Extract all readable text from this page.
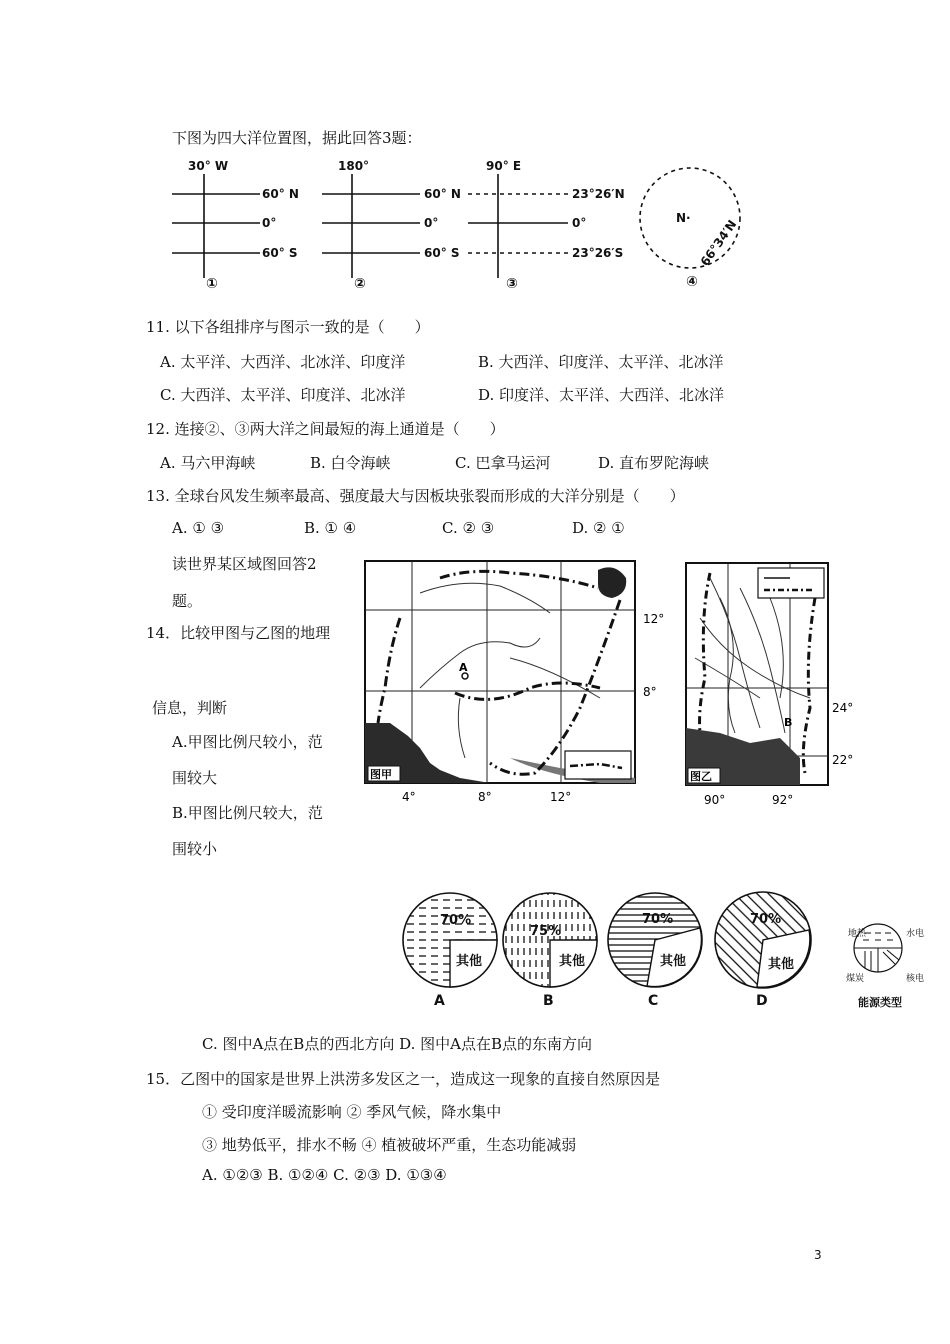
下图为四大洋位置图，据此回答3题：
30° W
60° N
0°
60° S
①
180°
60° N
0°
60° S
②
90° E
23°26′N
0°
23°26′S
③
N· 66°34′N
④
11. 以下各组排序与图示一致的是（　　）
A. 太平洋、大西洋、北冰洋、印度洋	B. 大西洋、印度洋、太平洋、北冰洋
C. 大西洋、太平洋、印度洋、北冰洋	D. 印度洋、太平洋、大西洋、北冰洋
12. 连接②、③两大洋之间最短的海上通道是（　　）
A. 马六甲海峡	B. 白令海峡	C. 巴拿马运河	D. 直布罗陀海峡
13. 全球台风发生频率最高、强度最大与因板块张裂而形成的大洋分别是（　　）
A. ① ③	B. ① ④	C. ② ③	D. ② ①
读世界某区域图回答2
题。
14．比较甲图与乙图的地理
信息，判断
A.甲图比例尺较小，范
围较大
B.甲图比例尺较大，范
围较小
A
图甲
12°
8°
4°	8°	12°
B
图乙
24°
22°
90°	92°
70%
其他
A
75%
其他
B
70%
其他
C
70%
其他
D
地热	水电
煤炭	核电
能源类型
C. 图中A点在B点的西北方向 D. 图中A点在B点的东南方向
15．乙图中的国家是世界上洪涝多发区之一，造成这一现象的直接自然原因是
① 受印度洋暖流影响 ② 季风气候，降水集中
③ 地势低平，排水不畅 ④ 植被破坏严重，生态功能减弱
A. ①②③ B. ①②④ C. ②③ D. ①③④
3
